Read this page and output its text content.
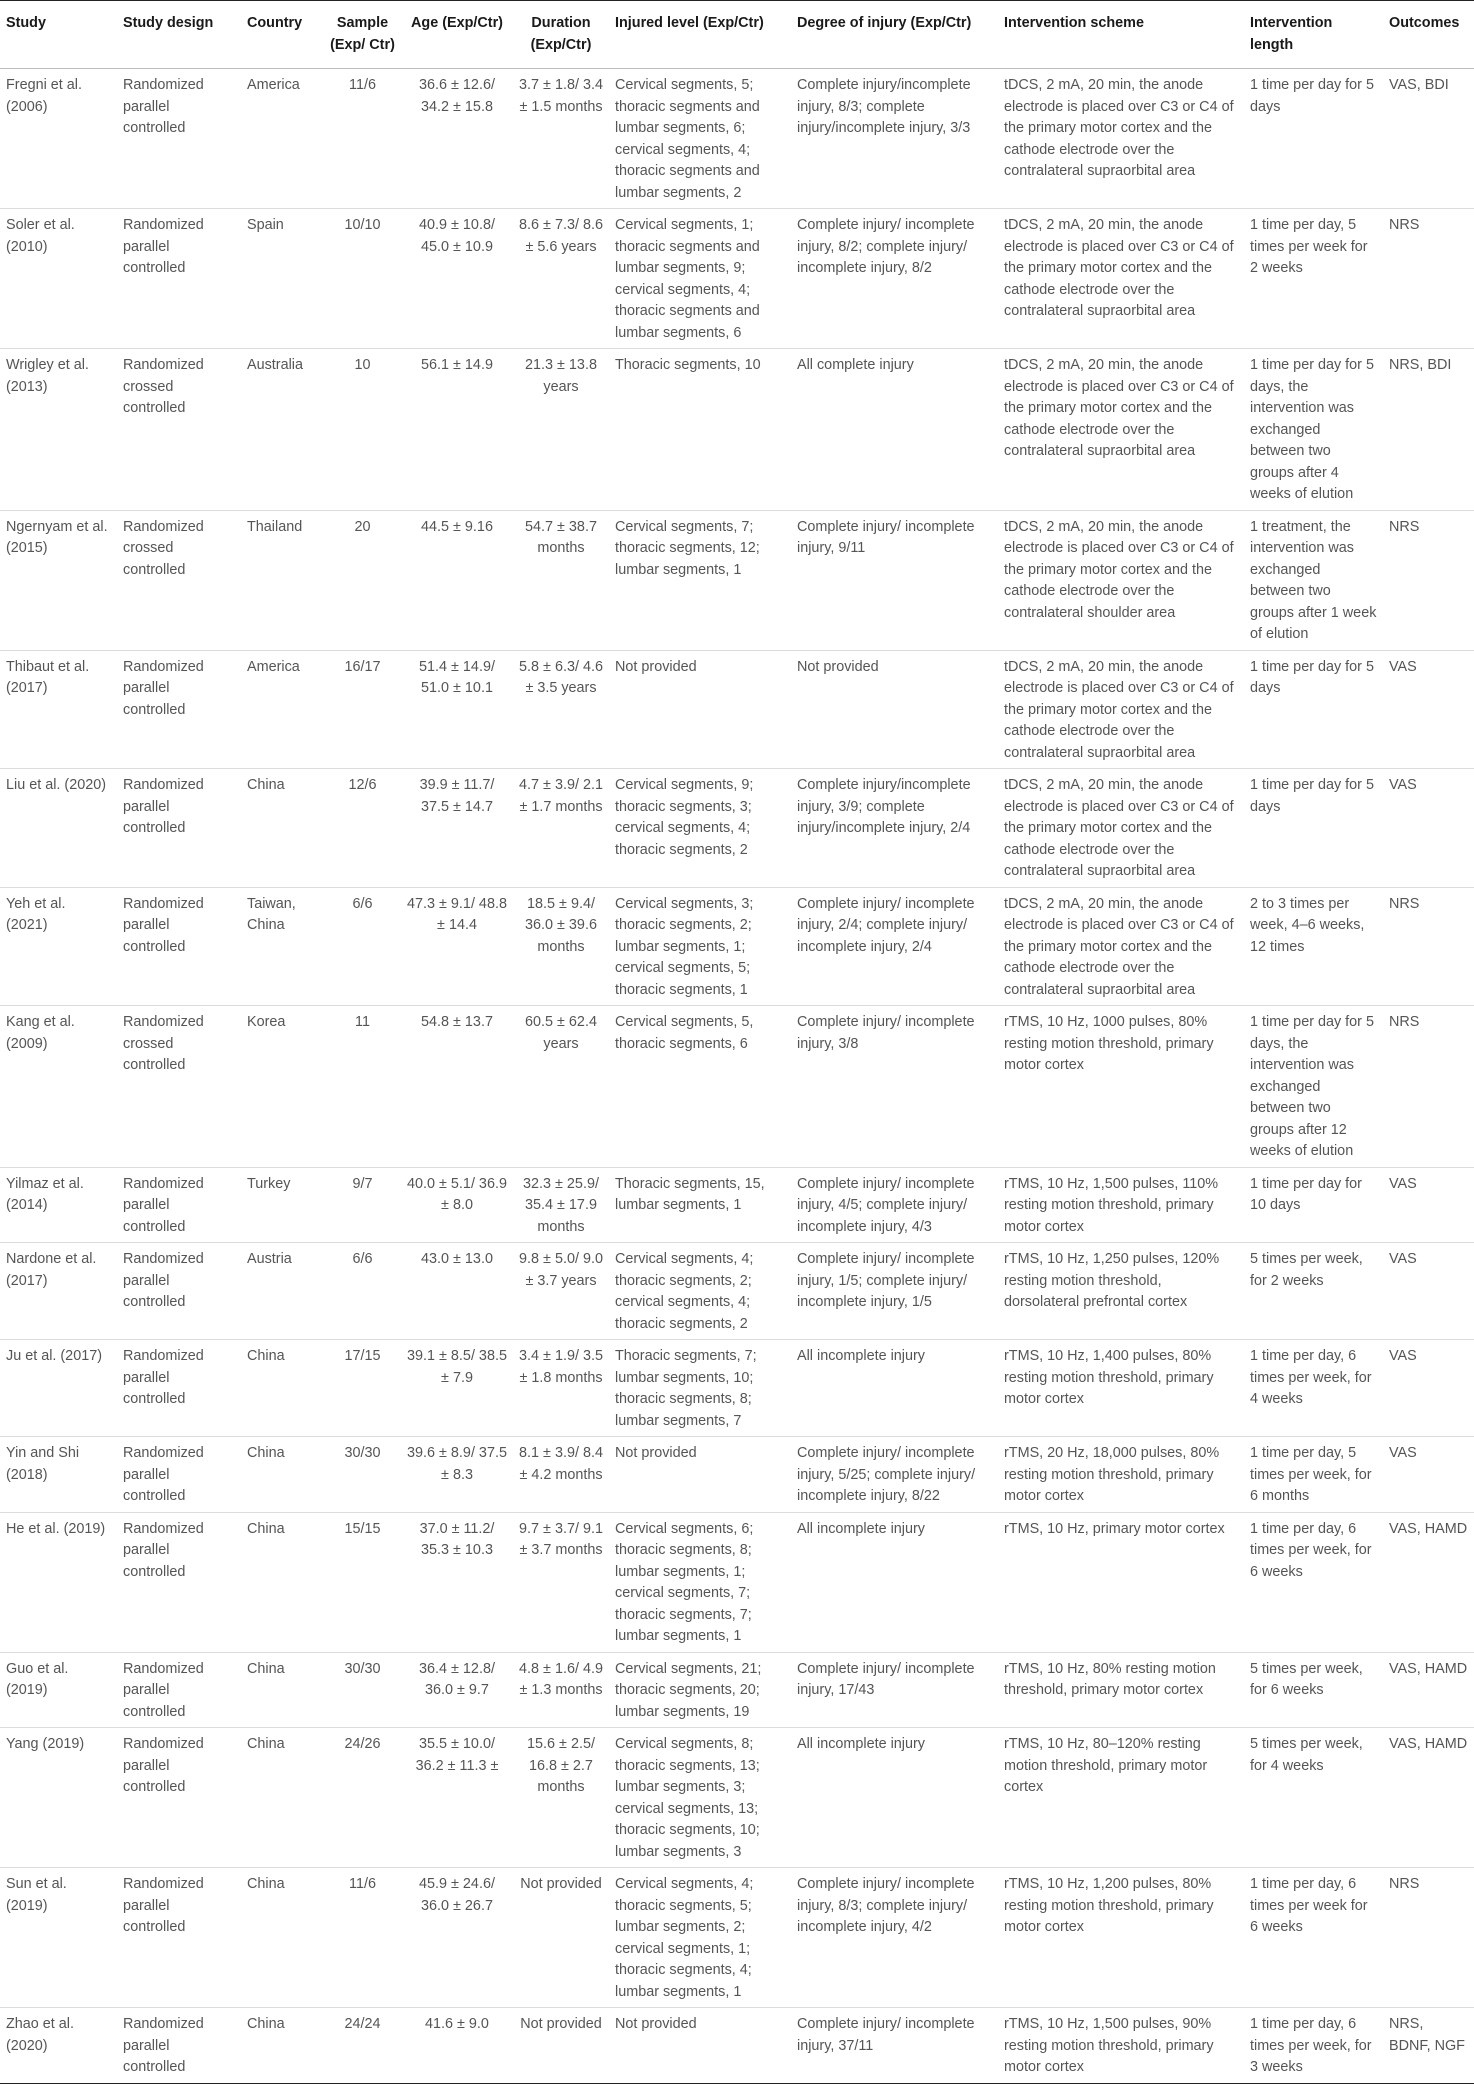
Study	Study design	Country	Sample (Exp/ Ctr)	Age (Exp/Ctr)	Duration (Exp/Ctr)	Injured level (Exp/Ctr)	Degree of injury (Exp/Ctr)	Intervention scheme	Intervention length	Outcomes
Fregni et al. (2006)	Randomized parallel controlled	America	11/6	36.6 ± 12.6/ 34.2 ± 15.8	3.7 ± 1.8/ 3.4 ± 1.5 months	Cervical segments, 5; thoracic segments and lumbar segments, 6; cervical segments, 4; thoracic segments and lumbar segments, 2	Complete injury/incomplete injury, 8/3; complete injury/incomplete injury, 3/3	tDCS, 2 mA, 20 min, the anode electrode is placed over C3 or C4 of the primary motor cortex and the cathode electrode over the contralateral supraorbital area	1 time per day for 5 days	VAS, BDI
Soler et al. (2010)	Randomized parallel controlled	Spain	10/10	40.9 ± 10.8/ 45.0 ± 10.9	8.6 ± 7.3/ 8.6 ± 5.6 years	Cervical segments, 1; thoracic segments and lumbar segments, 9; cervical segments, 4; thoracic segments and lumbar segments, 6	Complete injury/ incomplete injury, 8/2; complete injury/ incomplete injury, 8/2	tDCS, 2 mA, 20 min, the anode electrode is placed over C3 or C4 of the primary motor cortex and the cathode electrode over the contralateral supraorbital area	1 time per day, 5 times per week for 2 weeks	NRS
Wrigley et al. (2013)	Randomized crossed controlled	Australia	10	56.1 ± 14.9	21.3 ± 13.8 years	Thoracic segments, 10	All complete injury	tDCS, 2 mA, 20 min, the anode electrode is placed over C3 or C4 of the primary motor cortex and the cathode electrode over the contralateral supraorbital area	1 time per day for 5 days, the intervention was exchanged between two groups after 4 weeks of elution	NRS, BDI
Ngernyam et al. (2015)	Randomized crossed controlled	Thailand	20	44.5 ± 9.16	54.7 ± 38.7 months	Cervical segments, 7; thoracic segments, 12; lumbar segments, 1	Complete injury/ incomplete injury, 9/11	tDCS, 2 mA, 20 min, the anode electrode is placed over C3 or C4 of the primary motor cortex and the cathode electrode over the contralateral shoulder area	1 treatment, the intervention was exchanged between two groups after 1 week of elution	NRS
Thibaut et al. (2017)	Randomized parallel controlled	America	16/17	51.4 ± 14.9/ 51.0 ± 10.1	5.8 ± 6.3/ 4.6 ± 3.5 years	Not provided	Not provided	tDCS, 2 mA, 20 min, the anode electrode is placed over C3 or C4 of the primary motor cortex and the cathode electrode over the contralateral supraorbital area	1 time per day for 5 days	VAS
Liu et al. (2020)	Randomized parallel controlled	China	12/6	39.9 ± 11.7/ 37.5 ± 14.7	4.7 ± 3.9/ 2.1 ± 1.7 months	Cervical segments, 9; thoracic segments, 3; cervical segments, 4; thoracic segments, 2	Complete injury/incomplete injury, 3/9; complete injury/incomplete injury, 2/4	tDCS, 2 mA, 20 min, the anode electrode is placed over C3 or C4 of the primary motor cortex and the cathode electrode over the contralateral supraorbital area	1 time per day for 5 days	VAS
Yeh et al. (2021)	Randomized parallel controlled	Taiwan, China	6/6	47.3 ± 9.1/ 48.8 ± 14.4	18.5 ± 9.4/ 36.0 ± 39.6 months	Cervical segments, 3; thoracic segments, 2; lumbar segments, 1; cervical segments, 5; thoracic segments, 1	Complete injury/ incomplete injury, 2/4; complete injury/ incomplete injury, 2/4	tDCS, 2 mA, 20 min, the anode electrode is placed over C3 or C4 of the primary motor cortex and the cathode electrode over the contralateral supraorbital area	2 to 3 times per week, 4–6 weeks, 12 times	NRS
Kang et al. (2009)	Randomized crossed controlled	Korea	11	54.8 ± 13.7	60.5 ± 62.4 years	Cervical segments, 5, thoracic segments, 6	Complete injury/ incomplete injury, 3/8	rTMS, 10 Hz, 1000 pulses, 80% resting motion threshold, primary motor cortex	1 time per day for 5 days, the intervention was exchanged between two groups after 12 weeks of elution	NRS
Yilmaz et al. (2014)	Randomized parallel controlled	Turkey	9/7	40.0 ± 5.1/ 36.9 ± 8.0	32.3 ± 25.9/ 35.4 ± 17.9 months	Thoracic segments, 15, lumbar segments, 1	Complete injury/ incomplete injury, 4/5; complete injury/ incomplete injury, 4/3	rTMS, 10 Hz, 1,500 pulses, 110% resting motion threshold, primary motor cortex	1 time per day for 10 days	VAS
Nardone et al. (2017)	Randomized parallel controlled	Austria	6/6	43.0 ± 13.0	9.8 ± 5.0/ 9.0 ± 3.7 years	Cervical segments, 4; thoracic segments, 2; cervical segments, 4; thoracic segments, 2	Complete injury/ incomplete injury, 1/5; complete injury/ incomplete injury, 1/5	rTMS, 10 Hz, 1,250 pulses, 120% resting motion threshold, dorsolateral prefrontal cortex	5 times per week, for 2 weeks	VAS
Ju et al. (2017)	Randomized parallel controlled	China	17/15	39.1 ± 8.5/ 38.5 ± 7.9	3.4 ± 1.9/ 3.5 ± 1.8 months	Thoracic segments, 7; lumbar segments, 10; thoracic segments, 8; lumbar segments, 7	All incomplete injury	rTMS, 10 Hz, 1,400 pulses, 80% resting motion threshold, primary motor cortex	1 time per day, 6 times per week, for 4 weeks	VAS
Yin and Shi (2018)	Randomized parallel controlled	China	30/30	39.6 ± 8.9/ 37.5 ± 8.3	8.1 ± 3.9/ 8.4 ± 4.2 months	Not provided	Complete injury/ incomplete injury, 5/25; complete injury/ incomplete injury, 8/22	rTMS, 20 Hz, 18,000 pulses, 80% resting motion threshold, primary motor cortex	1 time per day, 5 times per week, for 6 months	VAS
He et al. (2019)	Randomized parallel controlled	China	15/15	37.0 ± 11.2/ 35.3 ± 10.3	9.7 ± 3.7/ 9.1 ± 3.7 months	Cervical segments, 6; thoracic segments, 8; lumbar segments, 1; cervical segments, 7; thoracic segments, 7; lumbar segments, 1	All incomplete injury	rTMS, 10 Hz, primary motor cortex	1 time per day, 6 times per week, for 6 weeks	VAS, HAMD
Guo et al. (2019)	Randomized parallel controlled	China	30/30	36.4 ± 12.8/ 36.0 ± 9.7	4.8 ± 1.6/ 4.9 ± 1.3 months	Cervical segments, 21; thoracic segments, 20; lumbar segments, 19	Complete injury/ incomplete injury, 17/43	rTMS, 10 Hz, 80% resting motion threshold, primary motor cortex	5 times per week, for 6 weeks	VAS, HAMD
Yang (2019)	Randomized parallel controlled	China	24/26	35.5 ± 10.0/ 36.2 ± 11.3 ±	15.6 ± 2.5/ 16.8 ± 2.7 months	Cervical segments, 8; thoracic segments, 13; lumbar segments, 3; cervical segments, 13; thoracic segments, 10; lumbar segments, 3	All incomplete injury	rTMS, 10 Hz, 80–120% resting motion threshold, primary motor cortex	5 times per week, for 4 weeks	VAS, HAMD
Sun et al. (2019)	Randomized parallel controlled	China	11/6	45.9 ± 24.6/ 36.0 ± 26.7	Not provided	Cervical segments, 4; thoracic segments, 5; lumbar segments, 2; cervical segments, 1; thoracic segments, 4; lumbar segments, 1	Complete injury/ incomplete injury, 8/3; complete injury/ incomplete injury, 4/2	rTMS, 10 Hz, 1,200 pulses, 80% resting motion threshold, primary motor cortex	1 time per day, 6 times per week for 6 weeks	NRS
Zhao et al. (2020)	Randomized parallel controlled	China	24/24	41.6 ± 9.0	Not provided	Not provided	Complete injury/ incomplete injury, 37/11	rTMS, 10 Hz, 1,500 pulses, 90% resting motion threshold, primary motor cortex	1 time per day, 6 times per week, for 3 weeks	NRS, BDNF, NGF
